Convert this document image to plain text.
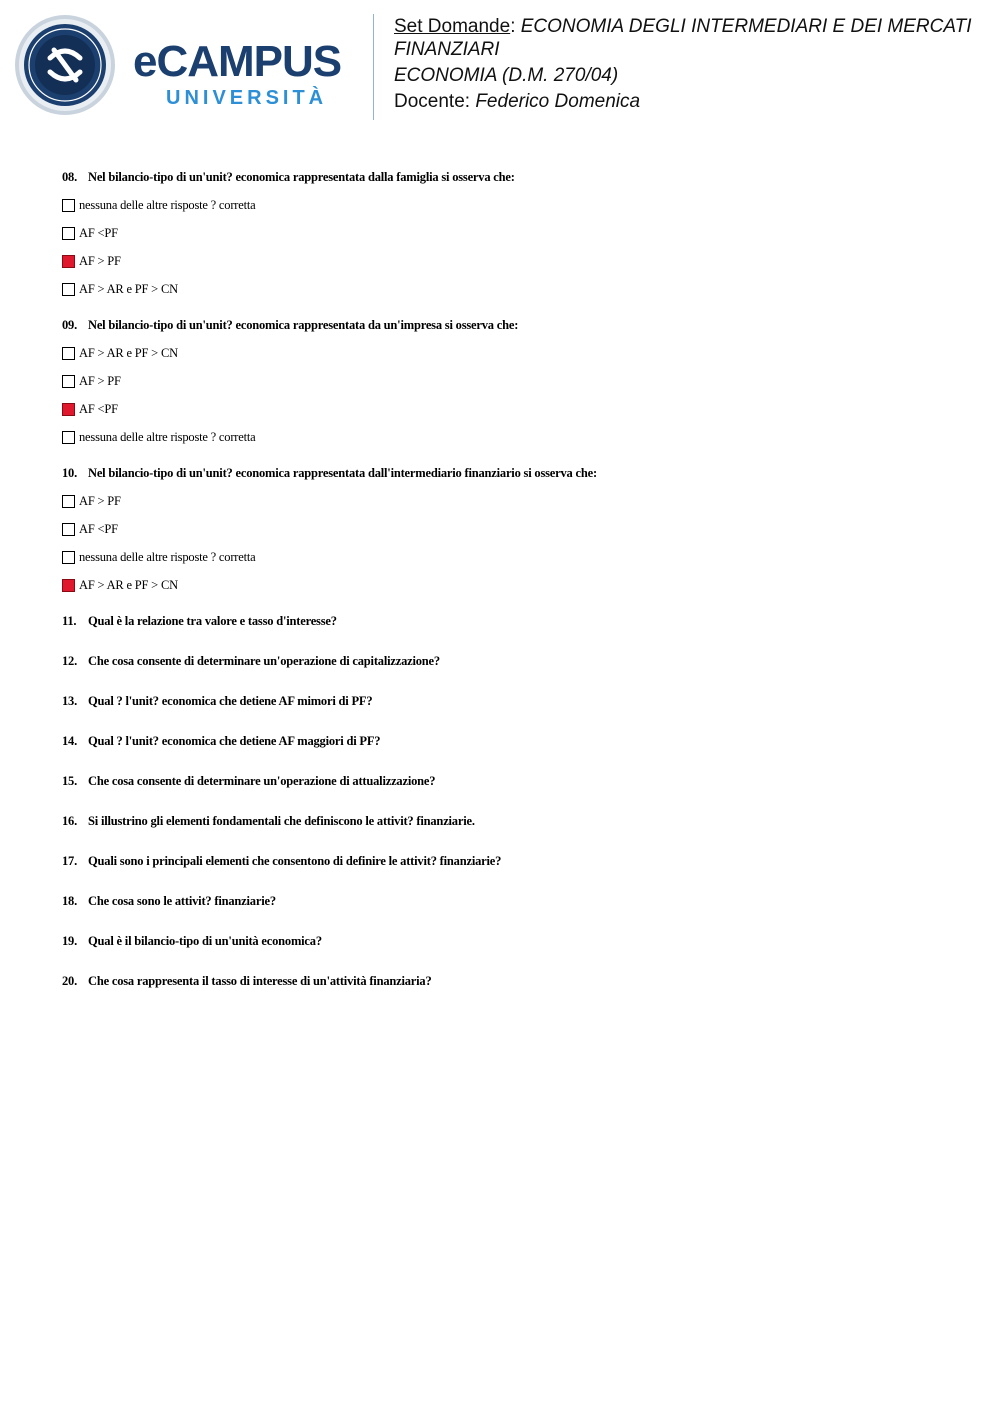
eCAMPUS
UNIVERSITÀ
Set Domande: ECONOMIA DEGLI INTERMEDIARI E DEI MERCATI FINANZIARI
ECONOMIA (D.M. 270/04)
Docente: Federico Domenica
08. Nel bilancio-tipo di un'unit? economica rappresentata dalla famiglia si osserva che:
nessuna delle altre risposte ? corretta
AF <PF
AF > PF
AF > AR e PF > CN
09. Nel bilancio-tipo di un'unit? economica rappresentata da un'impresa si osserva che:
AF > AR e PF > CN
AF > PF
AF <PF
nessuna delle altre risposte ? corretta
10. Nel bilancio-tipo di un'unit? economica rappresentata dall'intermediario finanziario si osserva che:
AF > PF
AF <PF
nessuna delle altre risposte ? corretta
AF > AR e PF > CN
11. Qual è la relazione tra valore e tasso d'interesse?
12. Che cosa consente di determinare un'operazione di capitalizzazione?
13. Qual ? l'unit? economica che detiene AF mimori di PF?
14. Qual ? l'unit? economica che detiene AF maggiori di PF?
15. Che cosa consente di determinare un'operazione di attualizzazione?
16. Si illustrino gli elementi fondamentali che definiscono le attivit? finanziarie.
17. Quali sono i principali elementi che consentono di definire le attivit? finanziarie?
18. Che cosa sono le attivit? finanziarie?
19. Qual è il bilancio-tipo di un'unità economica?
20. Che cosa rappresenta il tasso di interesse di un'attività finanziaria?
